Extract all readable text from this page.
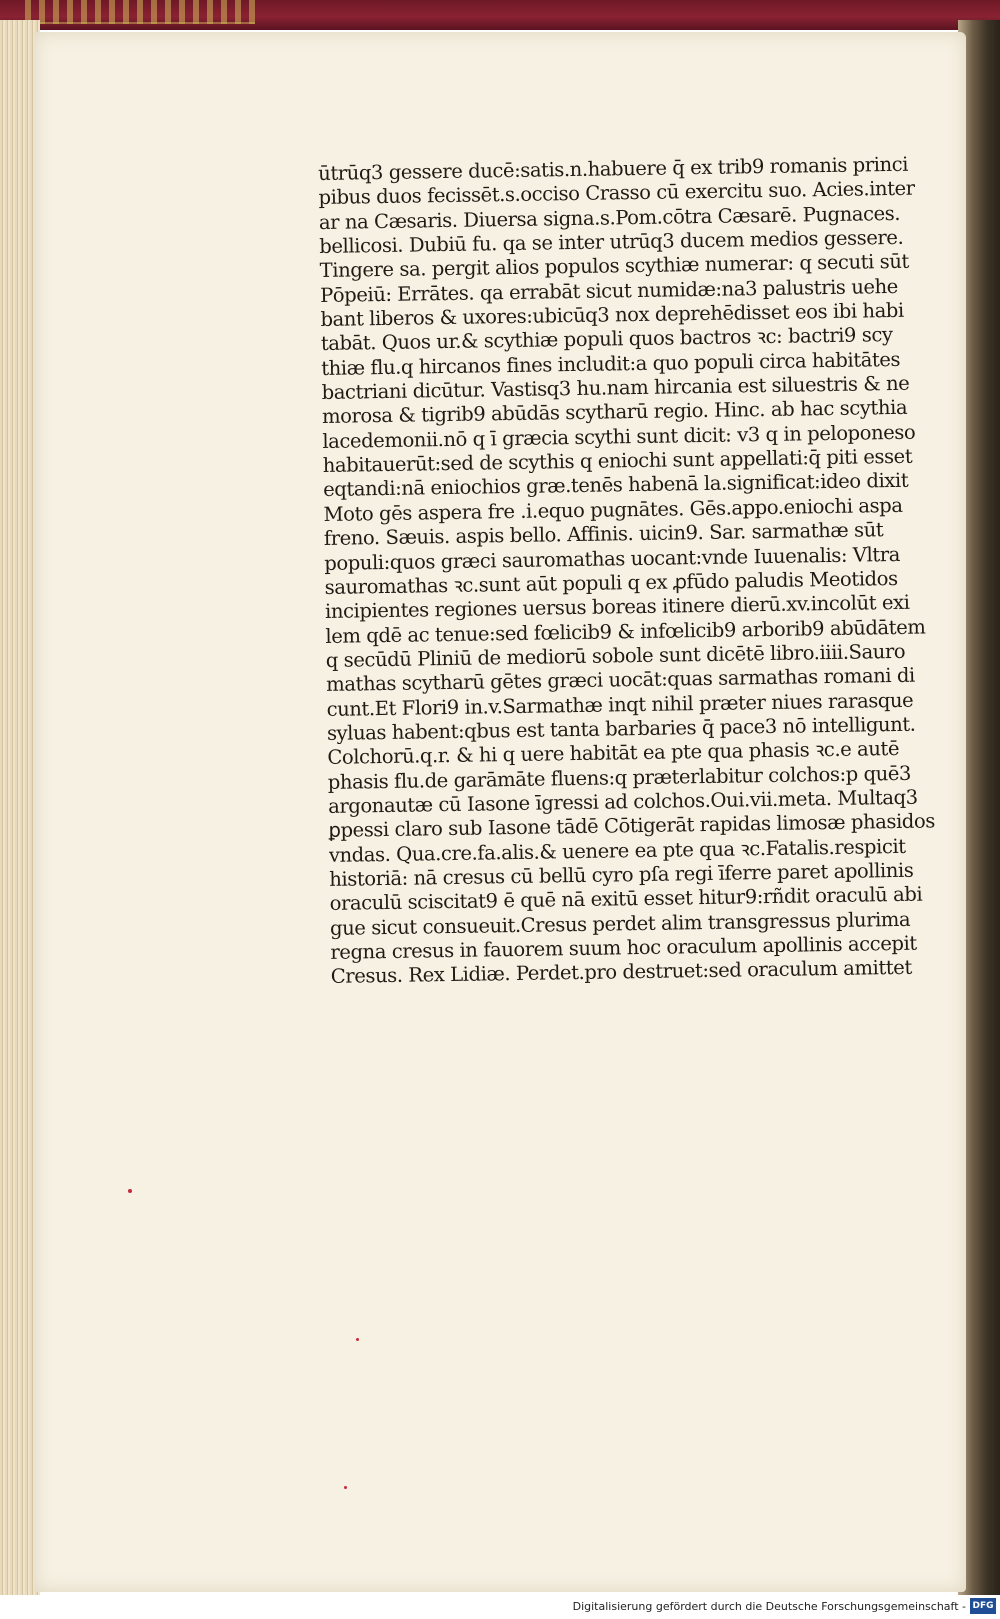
ūtrūq3 gessere ducē:satis.n.habuere q̄ ex trib9 romanis princi
pibus duos fecissēt.s.occiso Crasso cū exercitu suo. Acies.inter
ar na Cæsaris. Diuersa signa.s.Pom.cōtra Cæsarē. Pugnaces.
bellicosi. Dubiū fu. qa se inter utrūq3 ducem medios gessere.
Tingere sa. pergit alios populos scythiæ numerar: q secuti sūt
Pōpeiū: Errātes. qa errabāt sicut numidæ:na3 palustris uehe
bant liberos & uxores:ubicūq3 nox deprehēdisset eos ibi habi
tabāt. Quos ur.& scythiæ populi quos bactros ꝛc: bactri9 scy
thiæ flu.q hircanos fines includit:a quo populi circa habitātes
bactriani dicūtur. Vastisq3 hu.nam hircania est siluestris & ne
morosa & tigrib9 abūdās scytharū regio. Hinc. ab hac scythia
lacedemonii.nō q ī græcia scythi sunt dicit: v3 q in peloponeso
habitauerūt:sed de scythis q eniochi sunt appellati:q̄ piti esset
eqtandi:nā eniochios græ.tenēs habenā la.significat:ideo dixit
Moto gēs aspera fre .i.equo pugnātes. Gēs.appo.eniochi aspa
freno. Sæuis. aspis bello. Affinis. uicin9. Sar. sarmathæ sūt
populi:quos græci sauromathas uocant:vnde Iuuenalis: Vltra
sauromathas ꝛc.sunt aūt populi q ex ꝓfūdo paludis Meotidos
incipientes regiones uersus boreas itinere dierū.xv.incolūt exi
lem qdē ac tenue:sed fœlicib9 & infœlicib9 arborib9 abūdātem
q secūdū Pliniū de mediorū sobole sunt dicētē libro.iiii.Sauro
mathas scytharū gētes græci uocāt:quas sarmathas romani di
cunt.Et Flori9 in.v.Sarmathæ inqt nihil præter niues rarasque
syluas habent:qbus est tanta barbaries q̄ pace3 nō intelligunt.
Colchorū.q.r. & hi q uere habitāt ea pte qua phasis ꝛc.e autē
phasis flu.de garāmāte fluens:q præterlabitur colchos:p quē3
argonautæ cū Iasone īgressi ad colchos.Oui.vii.meta. Multaq3
ꝑpessi claro sub Iasone tādē Cōtigerāt rapidas limosæ phasidos
vndas. Qua.cre.fa.alis.& uenere ea pte qua ꝛc.Fatalis.respicit
historiā: nā cresus cū bellū cyro pſa regi īferre paret apollinis
oraculū sciscitat9 ē quē nā exitū esset hitur9:rñdit oraculū abi
gue sicut consueuit.Cresus perdet alim transgressus plurima
regna cresus in fauorem suum hoc oraculum apollinis accepit
Cresus. Rex Lidiæ. Perdet.pro destruet:sed oraculum amittet
Digitalisierung gefördert durch die Deutsche Forschungsgemeinschaft - DFG
